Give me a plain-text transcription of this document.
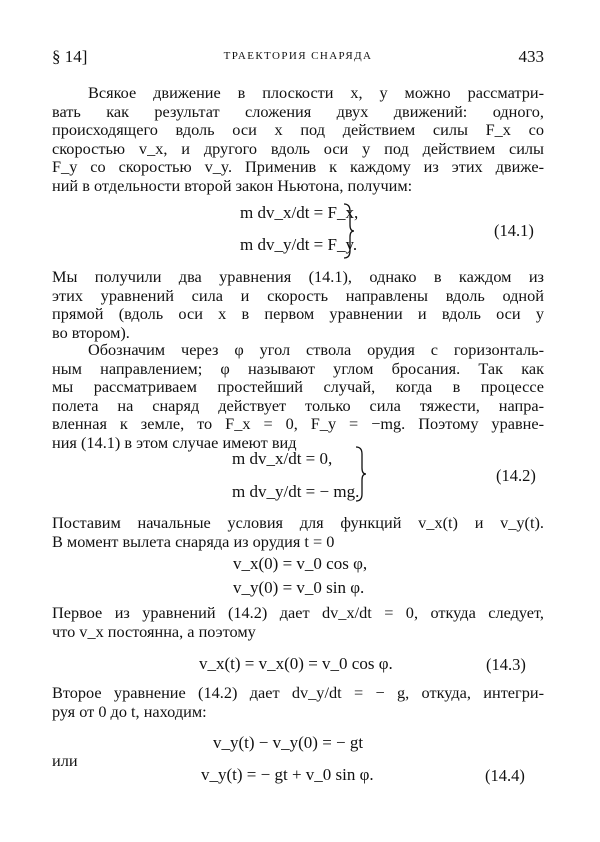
§ 14]	ТРАЕКТОРИЯ СНАРЯДА	433
Всякое движение в плоскости x, y можно рассматри-
вать как результат сложения двух движений: одного,
происходящего вдоль оси x под действием силы F_x со
скоростью v_x, и другого вдоль оси y под действием силы
F_y со скоростью v_y. Применив к каждому из этих движе-
ний в отдельности второй закон Ньютона, получим:
m dv_x/dt = F_x,
m dv_y/dt = F_y.
(14.1)
Мы получили два уравнения (14.1), однако в каждом из
этих уравнений сила и скорость направлены вдоль одной
прямой (вдоль оси x в первом уравнении и вдоль оси y
во втором).
Обозначим через φ угол ствола орудия с горизонталь-
ным направлением; φ называют углом бросания. Так как
мы рассматриваем простейший случай, когда в процессе
полета на снаряд действует только сила тяжести, напра-
вленная к земле, то F_x = 0, F_y = −mg. Поэтому уравне-
ния (14.1) в этом случае имеют вид
m dv_x/dt = 0,
m dv_y/dt = − mg.
(14.2)
Поставим начальные условия для функций v_x(t) и v_y(t).
В момент вылета снаряда из орудия t = 0
v_x(0) = v_0 cos φ,
v_y(0) = v_0 sin φ.
Первое из уравнений (14.2) дает dv_x/dt = 0, откуда следует,
что v_x постоянна, а поэтому
v_x(t) = v_x(0) = v_0 cos φ.	(14.3)
Второе уравнение (14.2) дает dv_y/dt = − g, откуда, интегри-
руя от 0 до t, находим:
v_y(t) − v_y(0) = − gt
или
v_y(t) = − gt + v_0 sin φ.	(14.4)
